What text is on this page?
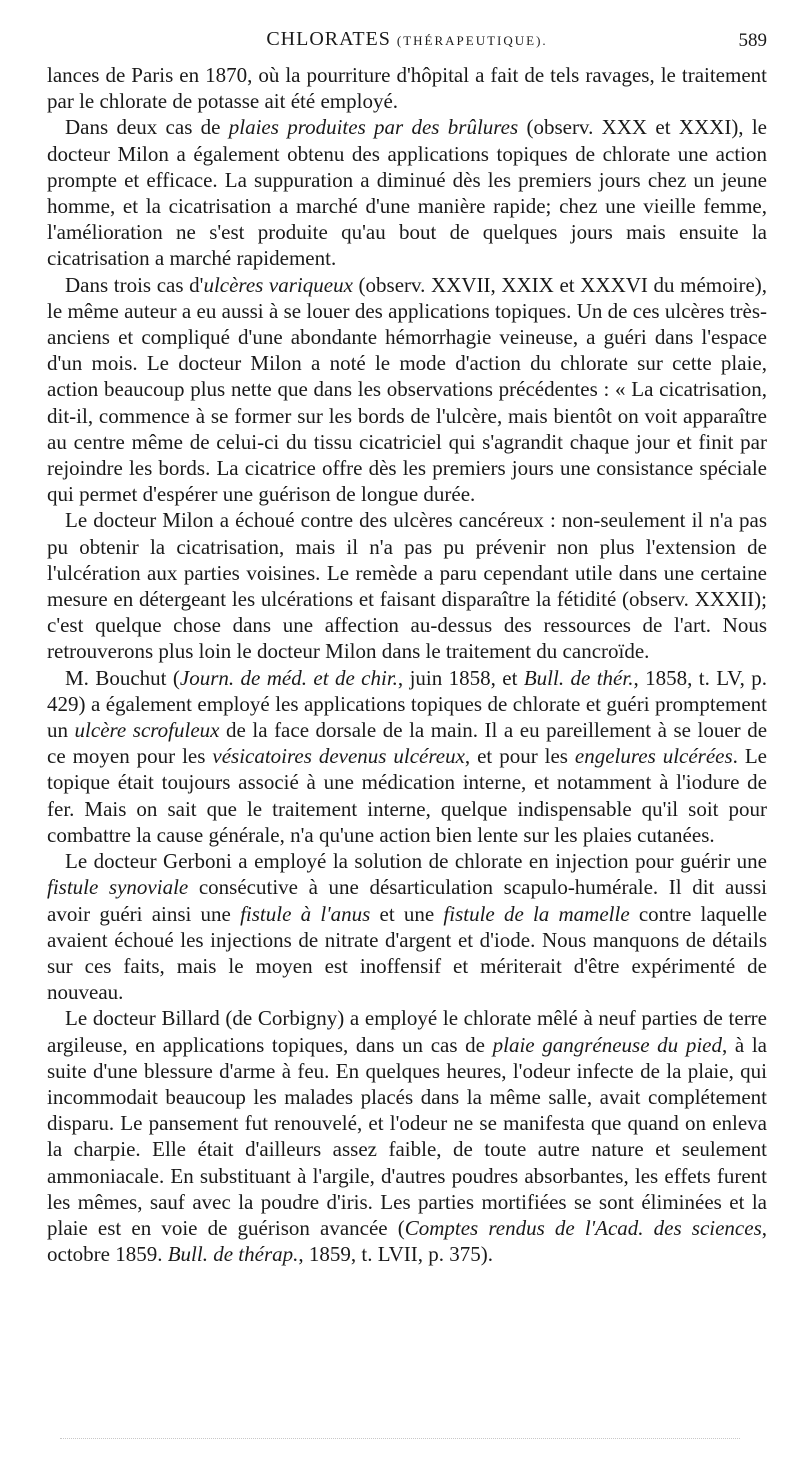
CHLORATES (THÉRAPEUTIQUE).	589

lances de Paris en 1870, où la pourriture d'hôpital a fait de tels ravages, le traitement par le chlorate de potasse ait été employé.

Dans deux cas de plaies produites par des brûlures (observ. XXX et XXXI), le docteur Milon a également obtenu des applications topiques de chlorate une action prompte et efficace. La suppuration a diminué dès les premiers jours chez un jeune homme, et la cicatrisation a marché d'une manière rapide; chez une vieille femme, l'amélioration ne s'est produite qu'au bout de quelques jours mais ensuite la cicatrisation a marché rapidement.

Dans trois cas d'ulcères variqueux (observ. XXVII, XXIX et XXXVI du mémoire), le même auteur a eu aussi à se louer des applications topiques. Un de ces ulcères très-anciens et compliqué d'une abondante hémorrhagie veineuse, a guéri dans l'espace d'un mois. Le docteur Milon a noté le mode d'action du chlorate sur cette plaie, action beaucoup plus nette que dans les observations précédentes : « La cicatrisation, dit-il, commence à se former sur les bords de l'ulcère, mais bientôt on voit apparaître au centre même de celui-ci du tissu cicatriciel qui s'agrandit chaque jour et finit par rejoindre les bords. La cicatrice offre dès les premiers jours une consistance spéciale qui permet d'espérer une guérison de longue durée.

Le docteur Milon a échoué contre des ulcères cancéreux : non-seulement il n'a pas pu obtenir la cicatrisation, mais il n'a pas pu prévenir non plus l'extension de l'ulcération aux parties voisines. Le remède a paru cependant utile dans une certaine mesure en détergeant les ulcérations et faisant disparaître la fétidité (observ. XXXII); c'est quelque chose dans une affection au-dessus des ressources de l'art. Nous retrouverons plus loin le docteur Milon dans le traitement du cancroïde.

M. Bouchut (Journ. de méd. et de chir., juin 1858, et Bull. de thér., 1858, t. LV, p. 429) a également employé les applications topiques de chlorate et guéri promptement un ulcère scrofuleux de la face dorsale de la main. Il a eu pareillement à se louer de ce moyen pour les vésicatoires devenus ulcéreux, et pour les engelures ulcérées. Le topique était toujours associé à une médication interne, et notamment à l'iodure de fer. Mais on sait que le traitement interne, quelque indispensable qu'il soit pour combattre la cause générale, n'a qu'une action bien lente sur les plaies cutanées.

Le docteur Gerboni a employé la solution de chlorate en injection pour guérir une fistule synoviale consécutive à une désarticulation scapulo-humérale. Il dit aussi avoir guéri ainsi une fistule à l'anus et une fistule de la mamelle contre laquelle avaient échoué les injections de nitrate d'argent et d'iode. Nous manquons de détails sur ces faits, mais le moyen est inoffensif et mériterait d'être expérimenté de nouveau.

Le docteur Billard (de Corbigny) a employé le chlorate mêlé à neuf parties de terre argileuse, en applications topiques, dans un cas de plaie gangréneuse du pied, à la suite d'une blessure d'arme à feu. En quelques heures, l'odeur infecte de la plaie, qui incommodait beaucoup les malades placés dans la même salle, avait complétement disparu. Le pansement fut renouvelé, et l'odeur ne se manifesta que quand on enleva la charpie. Elle était d'ailleurs assez faible, de toute autre nature et seulement ammoniacale. En substituant à l'argile, d'autres poudres absorbantes, les effets furent les mêmes, sauf avec la poudre d'iris. Les parties mortifiées se sont éliminées et la plaie est en voie de guérison avancée (Comptes rendus de l'Acad. des sciences, octobre 1859. Bull. de thérap., 1859, t. LVII, p. 375).
